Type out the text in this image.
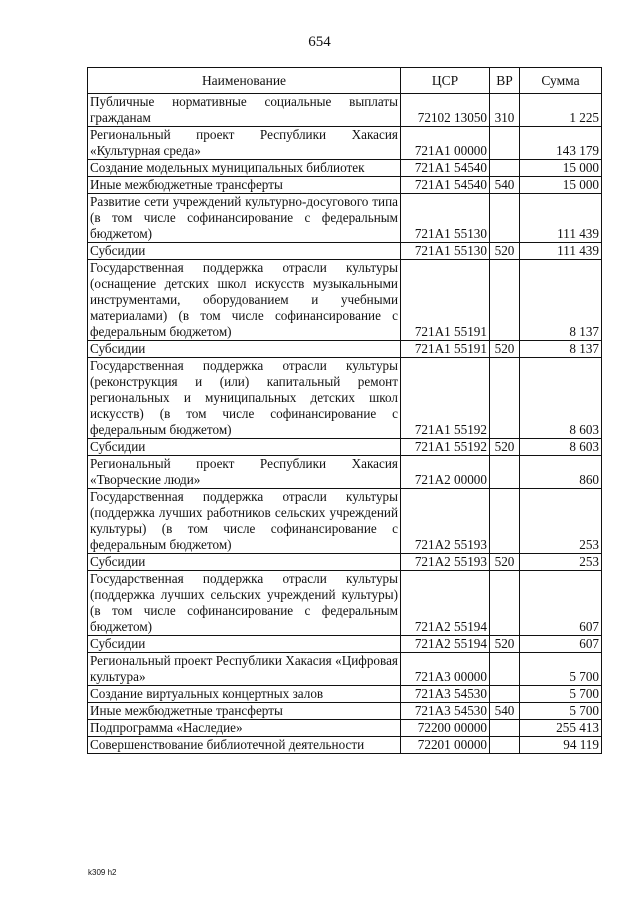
654
Наименование	ЦСР	ВР	Сумма
Публичные нормативные социальные выплаты гражданам	72102 13050	310	1 225
Региональный проект Республики Хакасия «Культурная среда»	721A1 00000		143 179
Создание модельных муниципальных библиотек	721A1 54540		15 000
Иные межбюджетные трансферты	721A1 54540	540	15 000
Развитие сети учреждений культурно-досугового типа (в том числе софинансирование с федеральным бюджетом)	721A1 55130		111 439
Субсидии	721A1 55130	520	111 439
Государственная поддержка отрасли культуры (оснащение детских школ искусств музыкальными инструментами, оборудованием и учебными материалами) (в том числе софинансирование с федеральным бюджетом)	721A1 55191		8 137
Субсидии	721A1 55191	520	8 137
Государственная поддержка отрасли культуры (реконструкция и (или) капитальный ремонт региональных и муниципальных детских школ искусств) (в том числе софинансирование с федеральным бюджетом)	721A1 55192		8 603
Субсидии	721A1 55192	520	8 603
Региональный проект Республики Хакасия «Творческие люди»	721A2 00000		860
Государственная поддержка отрасли культуры (поддержка лучших работников сельских учреждений культуры) (в том числе софинансирование с федеральным бюджетом)	721A2 55193		253
Субсидии	721A2 55193	520	253
Государственная поддержка отрасли культуры (поддержка лучших сельских учреждений культуры) (в том числе софинансирование с федеральным бюджетом)	721A2 55194		607
Субсидии	721A2 55194	520	607
Региональный проект Республики Хакасия «Цифровая культура»	721A3 00000		5 700
Создание виртуальных концертных залов	721A3 54530		5 700
Иные межбюджетные трансферты	721A3 54530	540	5 700
Подпрограмма «Наследие»	72200 00000		255 413
Совершенствование библиотечной деятельности	72201 00000		94 119
k309 h2
